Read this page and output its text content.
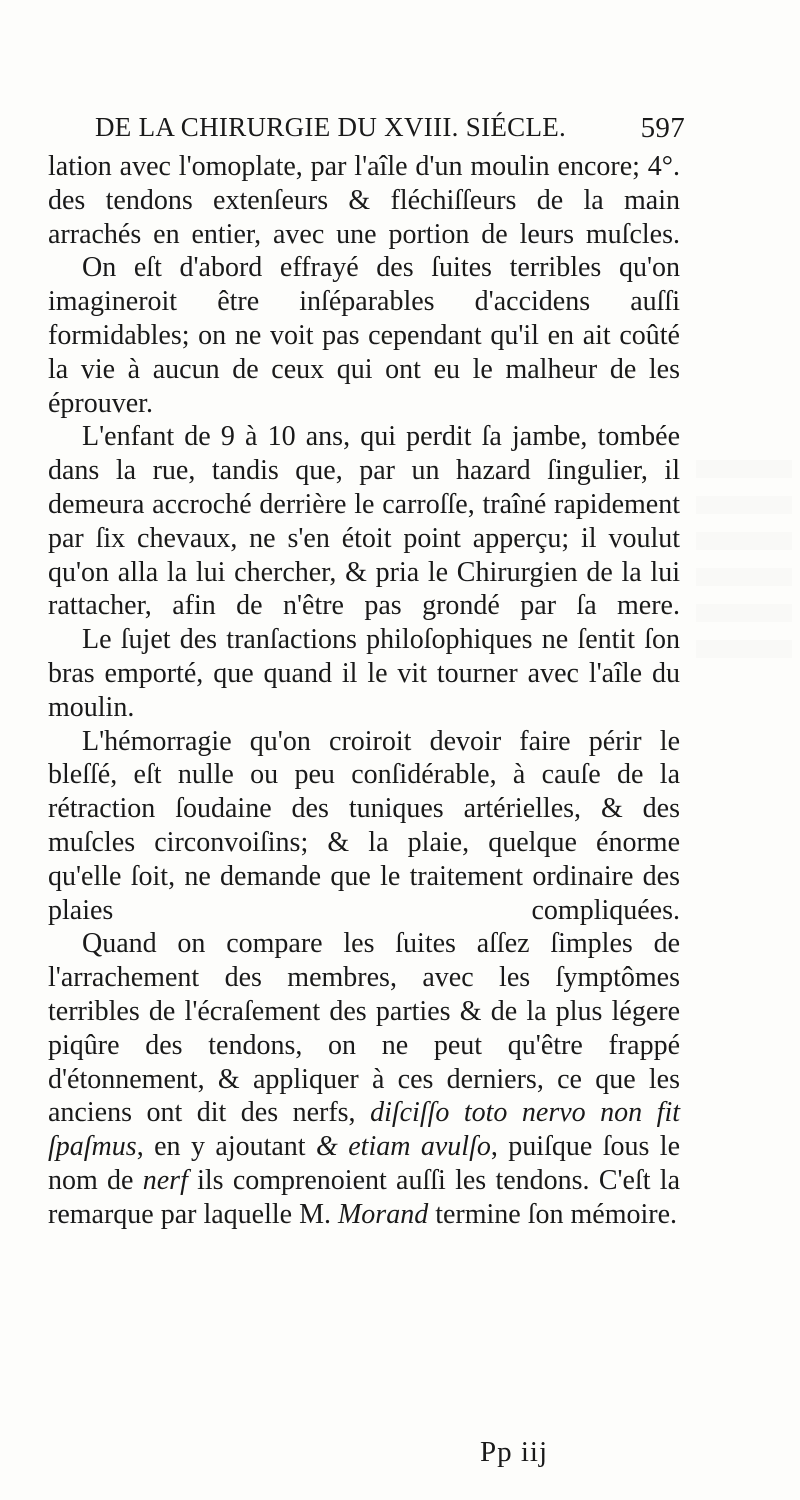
DE LA CHIRURGIE DU XVIII. SIÉCLE.	597

lation avec l'omoplate, par l'aîle d'un moulin encore; 4°. des tendons extenſeurs & fléchiſſeurs de la main arrachés en entier, avec une portion de leurs muſcles.

On eſt d'abord effrayé des ſuites terribles qu'on imagineroit être inſéparables d'accidens auſſi formidables; on ne voit pas cependant qu'il en ait coûté la vie à aucun de ceux qui ont eu le malheur de les éprouver.

L'enfant de 9 à 10 ans, qui perdit ſa jambe, tombée dans la rue, tandis que, par un hazard ſingulier, il demeura accroché derrière le carroſſe, traîné rapidement par ſix chevaux, ne s'en étoit point apperçu; il voulut qu'on alla la lui chercher, & pria le Chirurgien de la lui rattacher, afin de n'être pas grondé par ſa mere.

Le ſujet des tranſactions philoſophiques ne ſentit ſon bras emporté, que quand il le vit tourner avec l'aîle du moulin.

L'hémorragie qu'on croiroit devoir faire périr le bleſſé, eſt nulle ou peu conſidérable, à cauſe de la rétraction ſoudaine des tuniques artérielles, & des muſcles circonvoiſins; & la plaie, quelque énorme qu'elle ſoit, ne demande que le traitement ordinaire des plaies compliquées.

Quand on compare les ſuites aſſez ſimples de l'arrachement des membres, avec les ſymptômes terribles de l'écraſement des parties & de la plus légere piqûre des tendons, on ne peut qu'être frappé d'étonnement, & appliquer à ces derniers, ce que les anciens ont dit des nerfs, diſciſſo toto nervo non fit ſpaſmus, en y ajoutant & etiam avulſo, puiſque ſous le nom de nerf ils comprenoient auſſi les tendons. C'eſt la remarque par laquelle M. Morand termine ſon mémoire.

Pp iij
